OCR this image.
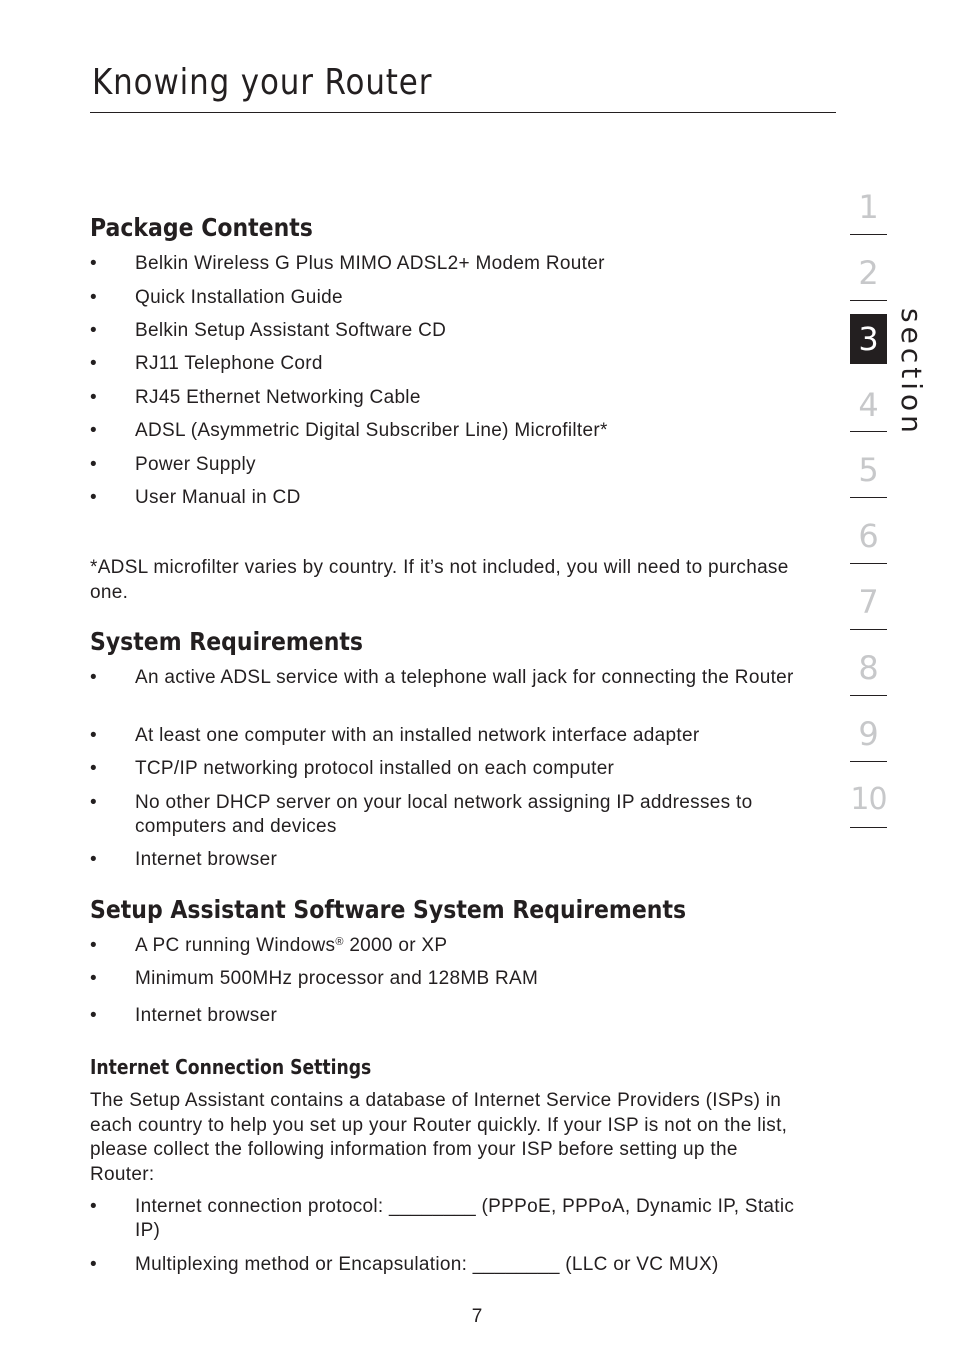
Knowing your Router
Package Contents
•	Belkin Wireless G Plus MIMO ADSL2+ Modem Router
•	Quick Installation Guide
•	Belkin Setup Assistant Software CD
•	RJ11 Telephone Cord
•	RJ45 Ethernet Networking Cable
•	ADSL (Asymmetric Digital Subscriber Line) Microfilter*
•	Power Supply
•	User Manual in CD
*ADSL microfilter varies by country. If it’s not included, you will need to purchase one.
System Requirements
•	An active ADSL service with a telephone wall jack for connecting the Router
•	At least one computer with an installed network interface adapter
•	TCP/IP networking protocol installed on each computer
•	No other DHCP server on your local network assigning IP addresses to computers and devices
•	Internet browser
Setup Assistant Software System Requirements
•	A PC running Windows® 2000 or XP
•	Minimum 500MHz processor and 128MB RAM
•	Internet browser
Internet Connection Settings
The Setup Assistant contains a database of Internet Service Providers (ISPs) in each country to help you set up your Router quickly. If your ISP is not on the list, please collect the following information from your ISP before setting up the Router:
•	Internet connection protocol: ________ (PPPoE, PPPoA, Dynamic IP, Static IP)
•	Multiplexing method or Encapsulation: ________ (LLC or VC MUX)
1
2
3
4
5
6
7
8
9
10
section
7
